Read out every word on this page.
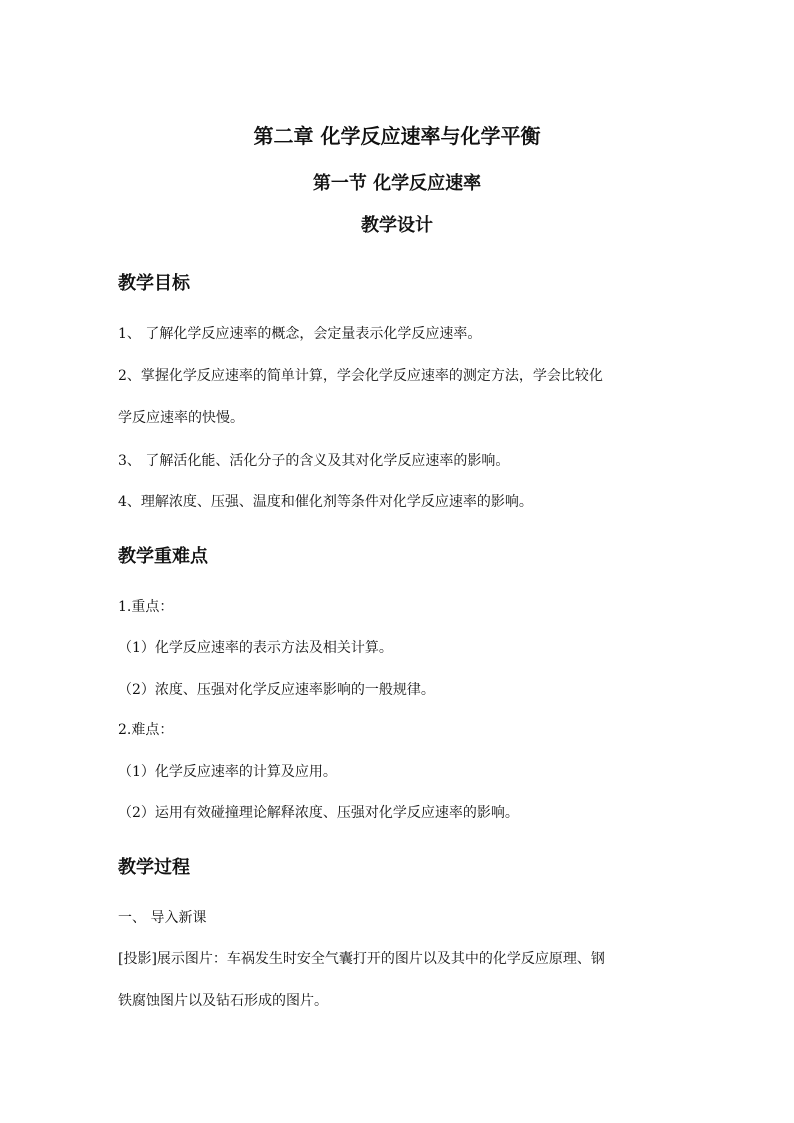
第二章 化学反应速率与化学平衡
第一节 化学反应速率
教学设计
教学目标

1、 了解化学反应速率的概念，会定量表示化学反应速率。

2、掌握化学反应速率的简单计算，学会化学反应速率的测定方法，学会比较化

学反应速率的快慢。

3、 了解活化能、活化分子的含义及其对化学反应速率的影响。

4、理解浓度、压强、温度和催化剂等条件对化学反应速率的影响。

教学重难点

1.重点：

（1）化学反应速率的表示方法及相关计算。

（2）浓度、压强对化学反应速率影响的一般规律。

2.难点：

（1）化学反应速率的计算及应用。

（2）运用有效碰撞理论解释浓度、压强对化学反应速率的影响。

教学过程

一、 导入新课

[投影]展示图片：车祸发生时安全气囊打开的图片以及其中的化学反应原理、钢

铁腐蚀图片以及钻石形成的图片。
